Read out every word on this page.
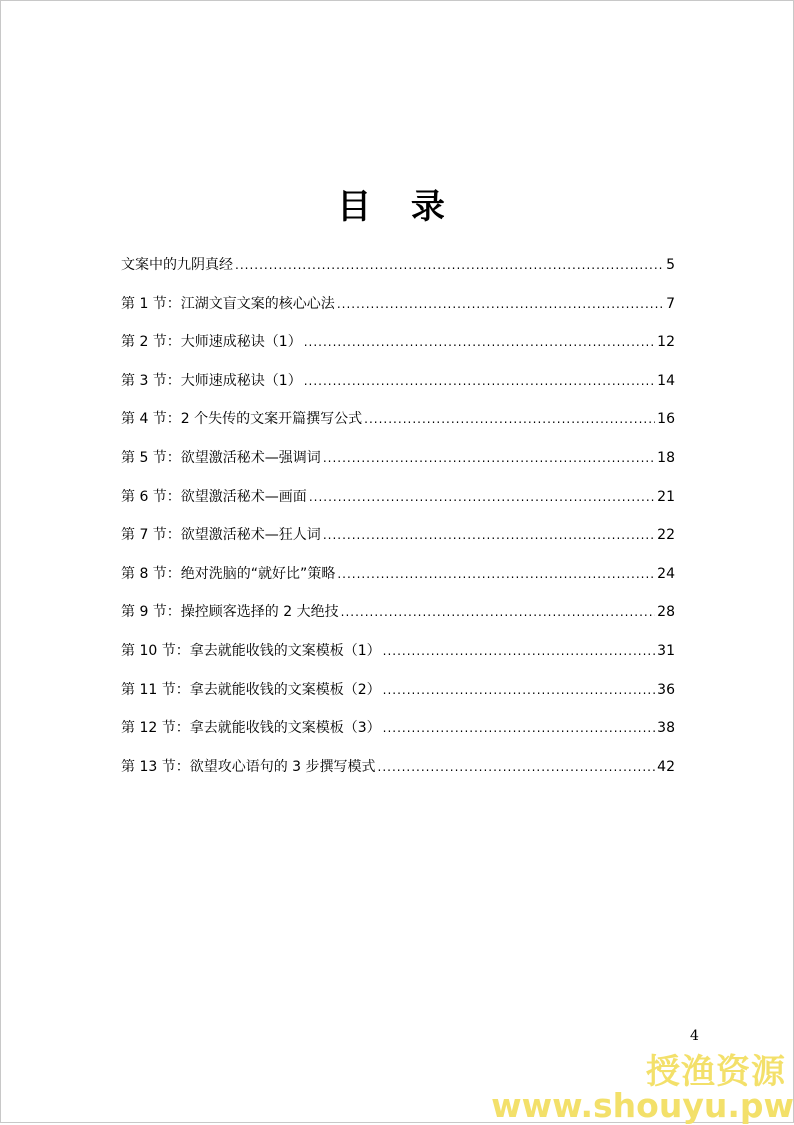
目 录
文案中的九阴真经 .....	5
第 1 节：江湖文盲文案的核心心法 .....	7
第 2 节：大师速成秘诀（1） .....	12
第 3 节：大师速成秘诀（1） .....	14
第 4 节：2 个失传的文案开篇撰写公式 .....	16
第 5 节：欲望激活秘术—强调词 .....	18
第 6 节：欲望激活秘术—画面 .....	21
第 7 节：欲望激活秘术—狂人词 .....	22
第 8 节：绝对洗脑的“就好比”策略 .....	24
第 9 节：操控顾客选择的 2 大绝技 .....	28
第 10 节：拿去就能收钱的文案模板（1） .....	31
第 11 节：拿去就能收钱的文案模板（2） .....	36
第 12 节：拿去就能收钱的文案模板（3） .....	38
第 13 节：欲望攻心语句的 3 步撰写模式 .....	42
4
授渔资源
www.shouyu.pw
